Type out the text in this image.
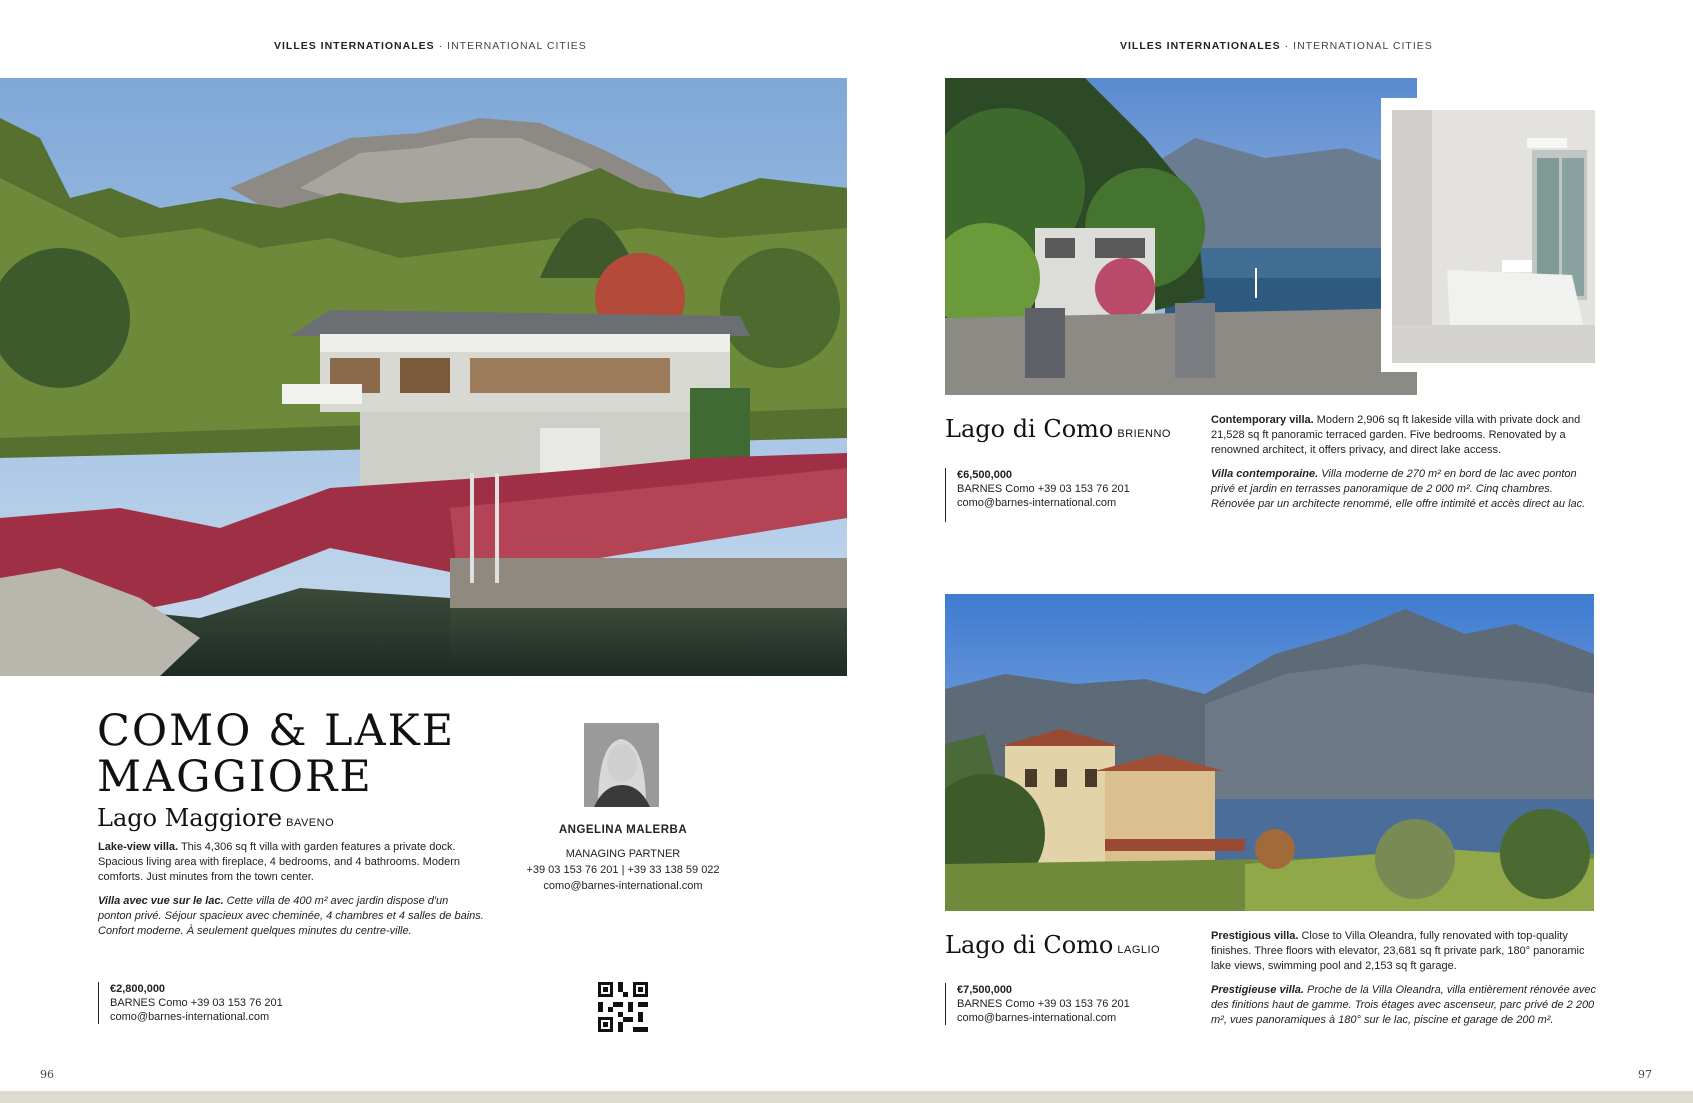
VILLES INTERNATIONALES · INTERNATIONAL CITIES	VILLES INTERNATIONALES · INTERNATIONAL CITIES
COMO & LAKE
MAGGIORE
Lago Maggiore BAVENO

Lake-view villa. This 4,306 sq ft villa with garden features a private dock. Spacious living area with fireplace, 4 bedrooms, and 4 bathrooms. Modern comforts. Just minutes from the town center.

Villa avec vue sur le lac. Cette villa de 400 m² avec jardin dispose d'un ponton privé. Séjour spacieux avec cheminée, 4 chambres et 4 salles de bains. Confort moderne. À seulement quelques minutes du centre-ville.

€2,800,000
BARNES Como +39 03 153 76 201
como@barnes-international.com
ANGELINA MALERBA
MANAGING PARTNER
+39 03 153 76 201 | +39 33 138 59 022
como@barnes-international.com
Lago di Como BRIENNO
€6,500,000
BARNES Como +39 03 153 76 201
como@barnes-international.com

Contemporary villa. Modern 2,906 sq ft lakeside villa with private dock and 21,528 sq ft panoramic terraced garden. Five bedrooms. Renovated by a renowned architect, it offers privacy, and direct lake access.

Villa contemporaine. Villa moderne de 270 m² en bord de lac avec ponton privé et jardin en terrasses panoramique de 2 000 m². Cinq chambres. Rénovée par un architecte renommé, elle offre intimité et accès direct au lac.

Lago di Como LAGLIO
€7,500,000
BARNES Como +39 03 153 76 201
como@barnes-international.com

Prestigious villa. Close to Villa Oleandra, fully renovated with top-quality finishes. Three floors with elevator, 23,681 sq ft private park, 180° panoramic lake views, swimming pool and 2,153 sq ft garage.

Prestigieuse villa. Proche de la Villa Oleandra, villa entièrement rénovée avec des finitions haut de gamme. Trois étages avec ascenseur, parc privé de 2 200 m², vues panoramiques à 180° sur le lac, piscine et garage de 200 m².

96	97
